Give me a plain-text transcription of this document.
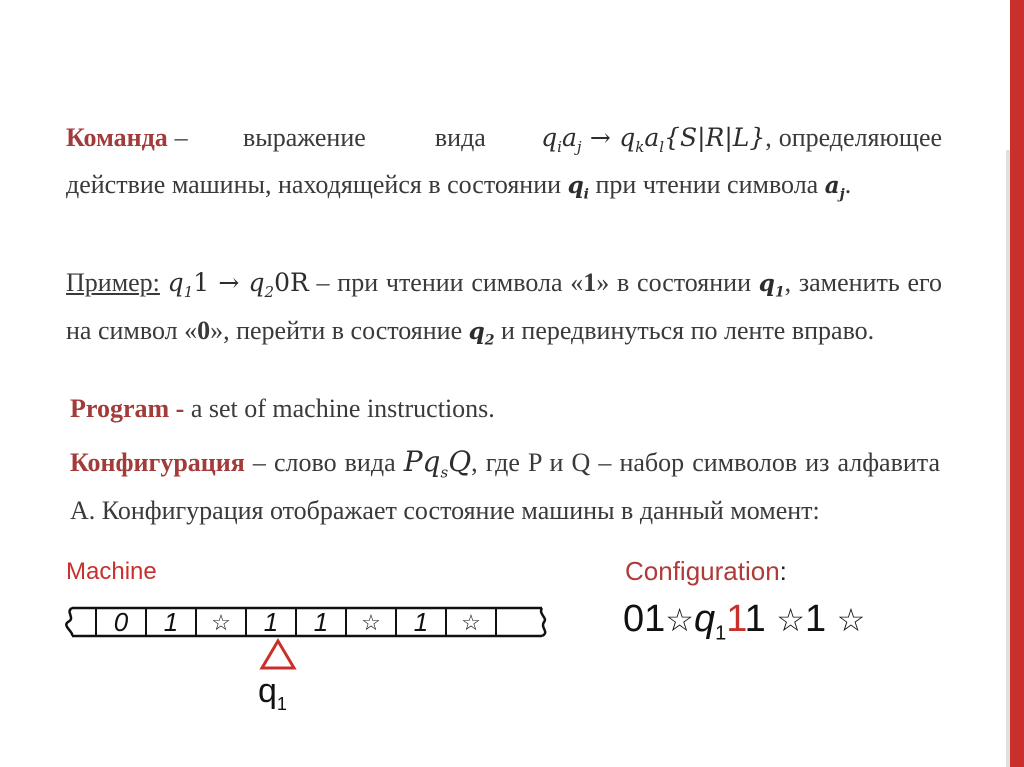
Команда – выражение	вида $q_ia_j \to q_ka_l\{S|R|L\}$, определяющее действие машины, находящейся в состоянии $q_i$ при чтении символа $a_j$.

Пример: $q_11 \to q_20R$ – при чтении символа «1» в состоянии $q_1$, заменить его на символ «0», перейти в состояние $q_2$ и передвинуться по ленте вправо.

Program - a set of machine instructions.

Конфигурация – слово вида $Pq_sQ$, где P и Q – набор символов из алфавита А. Конфигурация отображает состояние машины в данный момент:

Machine	Configuration:
0	1	☆	1	1	☆	1	☆
$q_1$
$01☆q_111$ ☆1 ☆
